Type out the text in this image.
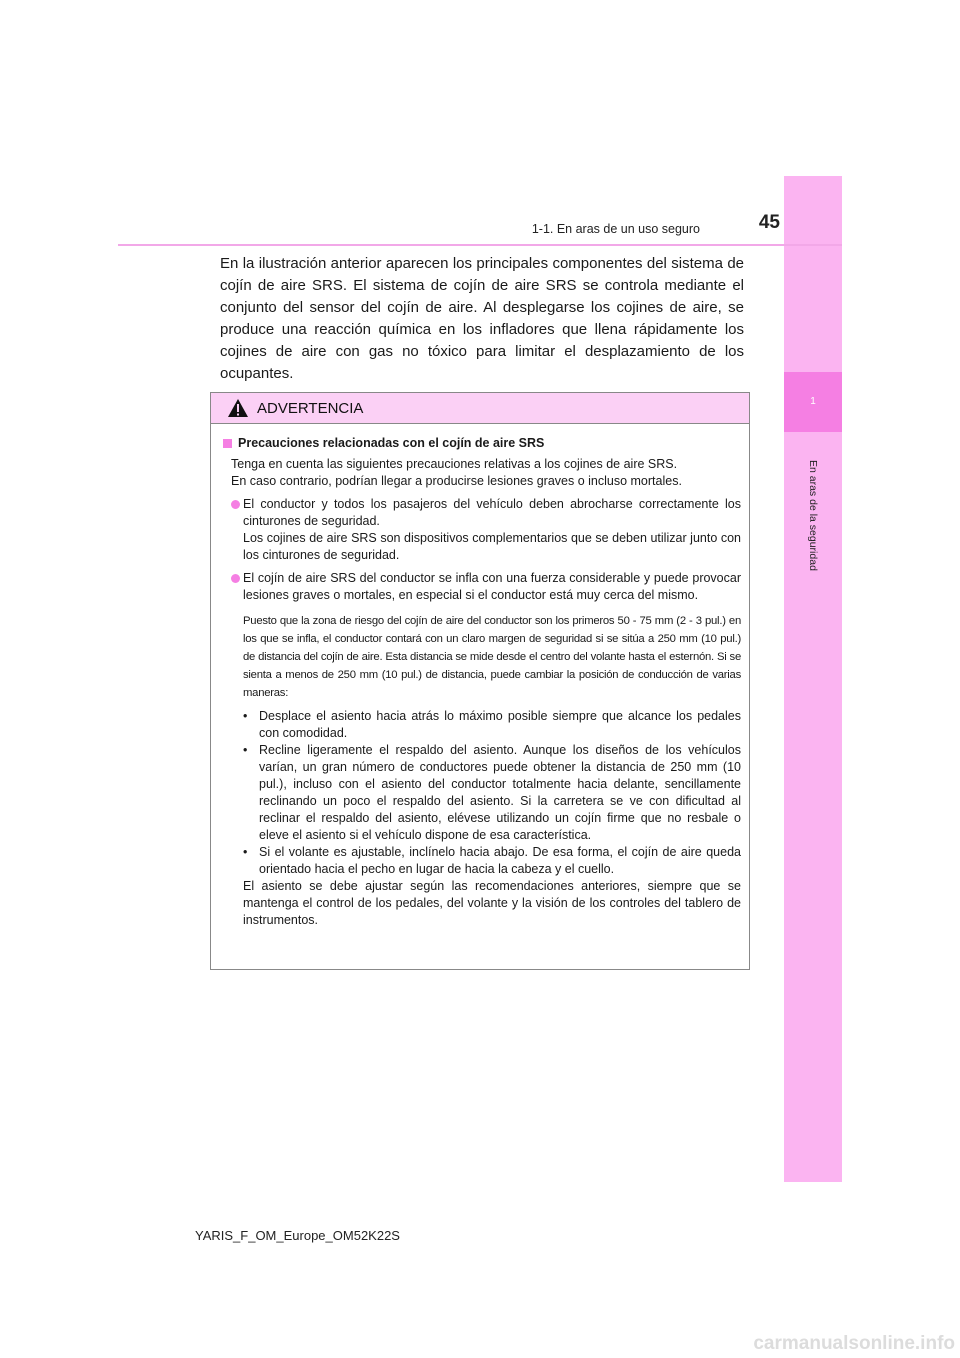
1
En aras de la seguridad
1-1. En aras de un uso seguro	45

En la ilustración anterior aparecen los principales componentes del sistema de cojín de aire SRS. El sistema de cojín de aire SRS se controla mediante el conjunto del sensor del cojín de aire. Al desplegarse los cojines de aire, se produce una reacción química en los infladores que llena rápidamente los cojines de aire con gas no tóxico para limitar el desplazamiento de los ocupantes.

ADVERTENCIA
Precauciones relacionadas con el cojín de aire SRS

Tenga en cuenta las siguientes precauciones relativas a los cojines de aire SRS.

En caso contrario, podrían llegar a producirse lesiones graves o incluso mortales.

El conductor y todos los pasajeros del vehículo deben abrocharse correctamente los cinturones de seguridad.
Los cojines de aire SRS son dispositivos complementarios que se deben utilizar junto con los cinturones de seguridad.
El cojín de aire SRS del conductor se infla con una fuerza considerable y puede provocar lesiones graves o mortales, en especial si el conductor está muy cerca del mismo.

Puesto que la zona de riesgo del cojín de aire del conductor son los primeros 50 - 75 mm (2 - 3 pul.) en los que se infla, el conductor contará con un claro margen de seguridad si se sitúa a 250 mm (10 pul.) de distancia del cojín de aire. Esta distancia se mide desde el centro del volante hasta el esternón. Si se sienta a menos de 250 mm (10 pul.) de distancia, puede cambiar la posición de conducción de varias maneras:

• Desplace el asiento hacia atrás lo máximo posible siempre que alcance los pedales con comodidad.
• Recline ligeramente el respaldo del asiento. Aunque los diseños de los vehículos varían, un gran número de conductores puede obtener la distancia de 250 mm (10 pul.), incluso con el asiento del conductor totalmente hacia delante, sencillamente reclinando un poco el respaldo del asiento. Si la carretera se ve con dificultad al reclinar el respaldo del asiento, elévese utilizando un cojín firme que no resbale o eleve el asiento si el vehículo dispone de esa característica.
• Si el volante es ajustable, inclínelo hacia abajo. De esa forma, el cojín de aire queda orientado hacia el pecho en lugar de hacia la cabeza y el cuello.

El asiento se debe ajustar según las recomendaciones anteriores, siempre que se mantenga el control de los pedales, del volante y la visión de los controles del tablero de instrumentos.

YARIS_F_OM_Europe_OM52K22S
carmanualsonline.info
